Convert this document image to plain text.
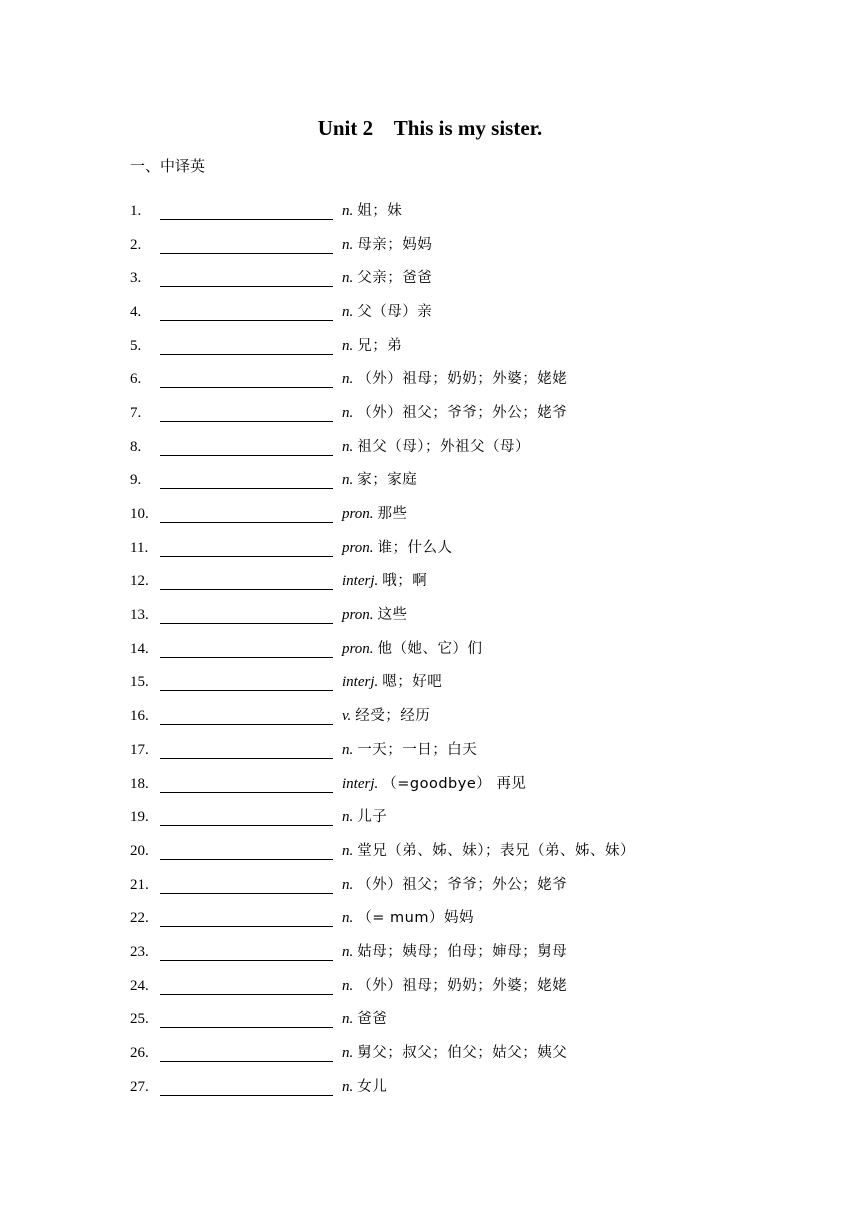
Unit 2    This is my sister.
一、中译英
1.	n. 姐；妹
2.	n. 母亲；妈妈
3.	n. 父亲；爸爸
4.	n. 父（母）亲
5.	n. 兄；弟
6.	n. （外）祖母；奶奶；外婆；姥姥
7.	n. （外）祖父；爷爷；外公；姥爷
8.	n. 祖父（母）；外祖父（母）
9.	n. 家；家庭
10.	pron. 那些
11.	pron. 谁；什么人
12.	interj. 哦；啊
13.	pron. 这些
14.	pron. 他（她、它）们
15.	interj. 嗯；好吧
16.	v. 经受；经历
17.	n. 一天；一日；白天
18.	interj. （=goodbye） 再见
19.	n. 儿子
20.	n. 堂兄（弟、姊、妹）；表兄（弟、姊、妹）
21.	n. （外）祖父；爷爷；外公；姥爷
22.	n. （= mum）妈妈
23.	n. 姑母；姨母；伯母；婶母；舅母
24.	n. （外）祖母；奶奶；外婆；姥姥
25.	n. 爸爸
26.	n. 舅父；叔父；伯父；姑父；姨父
27.	n. 女儿
